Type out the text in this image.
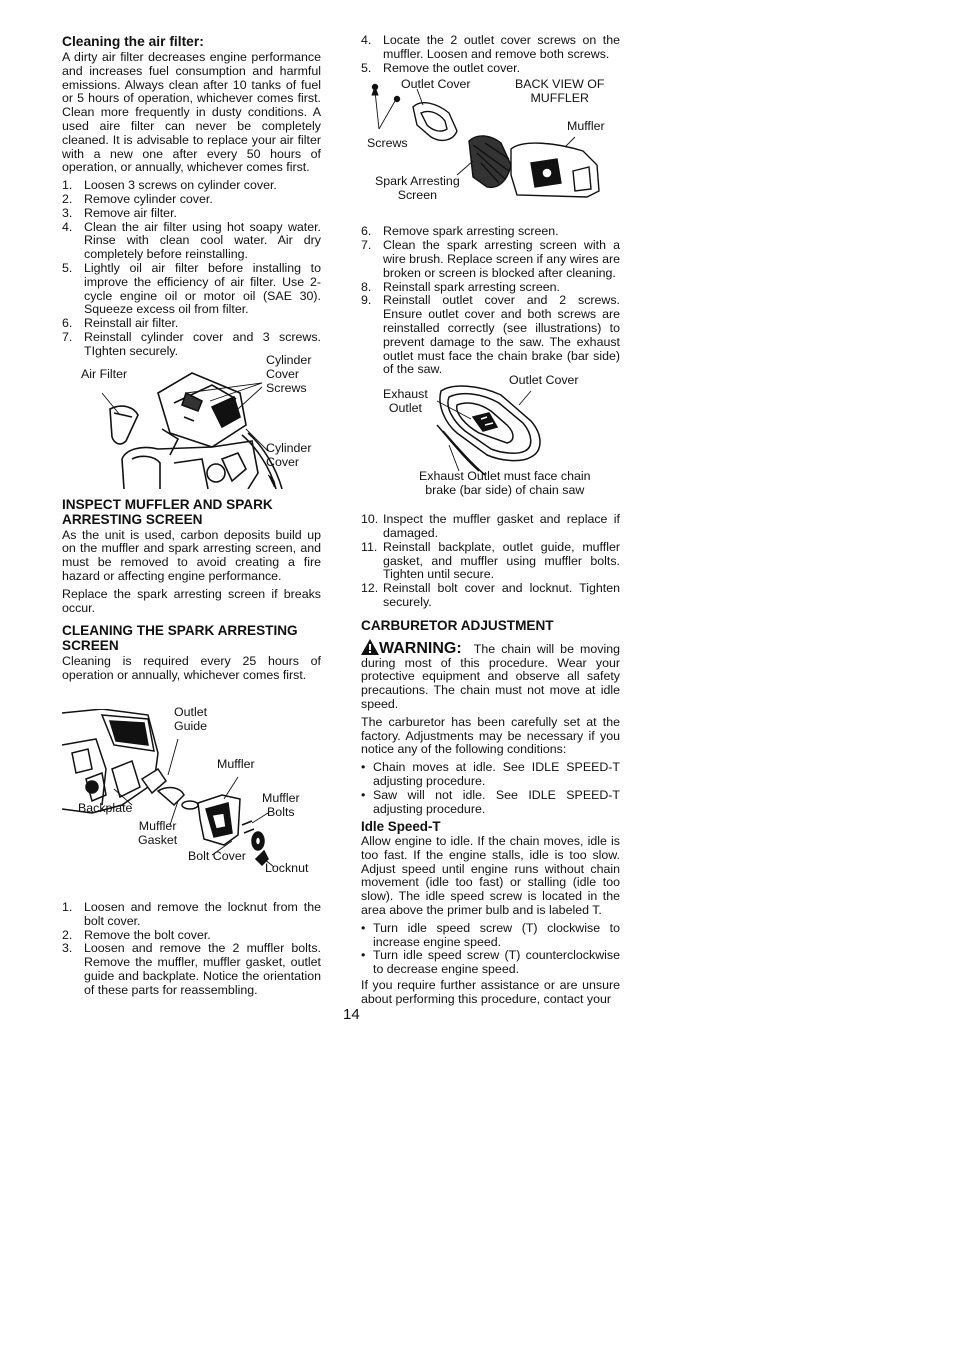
Cleaning the air filter:

A dirty air filter decreases engine performance and increases fuel consumption and harmful emissions. Always clean after 10 tanks of fuel or 5 hours of operation, whichever comes first. Clean more frequently in dusty conditions. A used aire filter can never be completely cleaned. It is advisable to replace your air filter with a new one after every 50 hours of operation, or annually, whichever comes first.

1. Loosen 3 screws on cylinder cover.
2. Remove cylinder cover.
3. Remove air filter.
4. Clean the air filter using hot soapy water. Rinse with clean cool water. Air dry completely before reinstalling.
5. Lightly oil air filter before installing to improve the efficiency of air filter. Use 2-cycle engine oil or motor oil (SAE 30). Squeeze excess oil from filter.
6. Reinstall air filter.
7. Reinstall cylinder cover and 3 screws. TIghten securely.
Air Filter
Cylinder
Cover
Screws
Cylinder
Cover
INSPECT MUFFLER AND SPARK ARRESTING SCREEN

As the unit is used, carbon deposits build up on the muffler and spark arresting screen, and must be removed to avoid creating a fire hazard or affecting engine performance.

Replace the spark arresting screen if breaks occur.

CLEANING THE SPARK ARRESTING SCREEN

Cleaning is required every 25 hours of operation or annually, whichever comes first.

Outlet
Guide
Muffler
Muffler
Bolts
Backplate
Muffler
Gasket
Bolt Cover
Locknut
1. Loosen and remove the locknut from the bolt cover.
2. Remove the bolt cover.
3. Loosen and remove the 2 muffler bolts. Remove the muffler, muffler gasket, outlet guide and backplate. Notice the orientation of these parts for reassembling.
4. Locate the 2 outlet cover screws on the muffler. Loosen and remove both screws.
5. Remove the outlet cover.
Outlet Cover	BACK VIEW OF
MUFFLER
Muffler
Screws
Spark Arresting
Screen
6. Remove spark arresting screen.
7. Clean the spark arresting screen with a wire brush. Replace screen if any wires are broken or screen is blocked after cleaning.
8. Reinstall spark arresting screen.
9. Reinstall outlet cover and 2 screws. Ensure outlet cover and both screws are reinstalled correctly (see illustrations) to prevent damage to the saw. The exhaust outlet must face the chain brake (bar side) of the saw.
Outlet Cover
Exhaust
Outlet
Exhaust Outlet must face chain
brake (bar side) of chain saw
10. Inspect the muffler gasket and replace if damaged.
11. Reinstall backplate, outlet guide, muffler gasket, and muffler using muffler bolts. Tighten until secure.
12. Reinstall bolt cover and locknut. Tighten securely.
CARBURETOR ADJUSTMENT

WARNING: The chain will be moving during most of this procedure. Wear your protective equipment and observe all safety precautions. The chain must not move at idle speed.

The carburetor has been carefully set at the factory. Adjustments may be necessary if you notice any of the following conditions:

• Chain moves at idle. See IDLE SPEED-T adjusting procedure.
• Saw will not idle. See IDLE SPEED-T adjusting procedure.
Idle Speed-T

Allow engine to idle. If the chain moves, idle is too fast. If the engine stalls, idle is too slow. Adjust speed until engine runs without chain movement (idle too fast) or stalling (idle too slow). The idle speed screw is located in the area above the primer bulb and is labeled T.

• Turn idle speed screw (T) clockwise to increase engine speed.
• Turn idle speed screw (T) counterclockwise to decrease engine speed.

If you require further assistance or are unsure about performing this procedure, contact your

14
